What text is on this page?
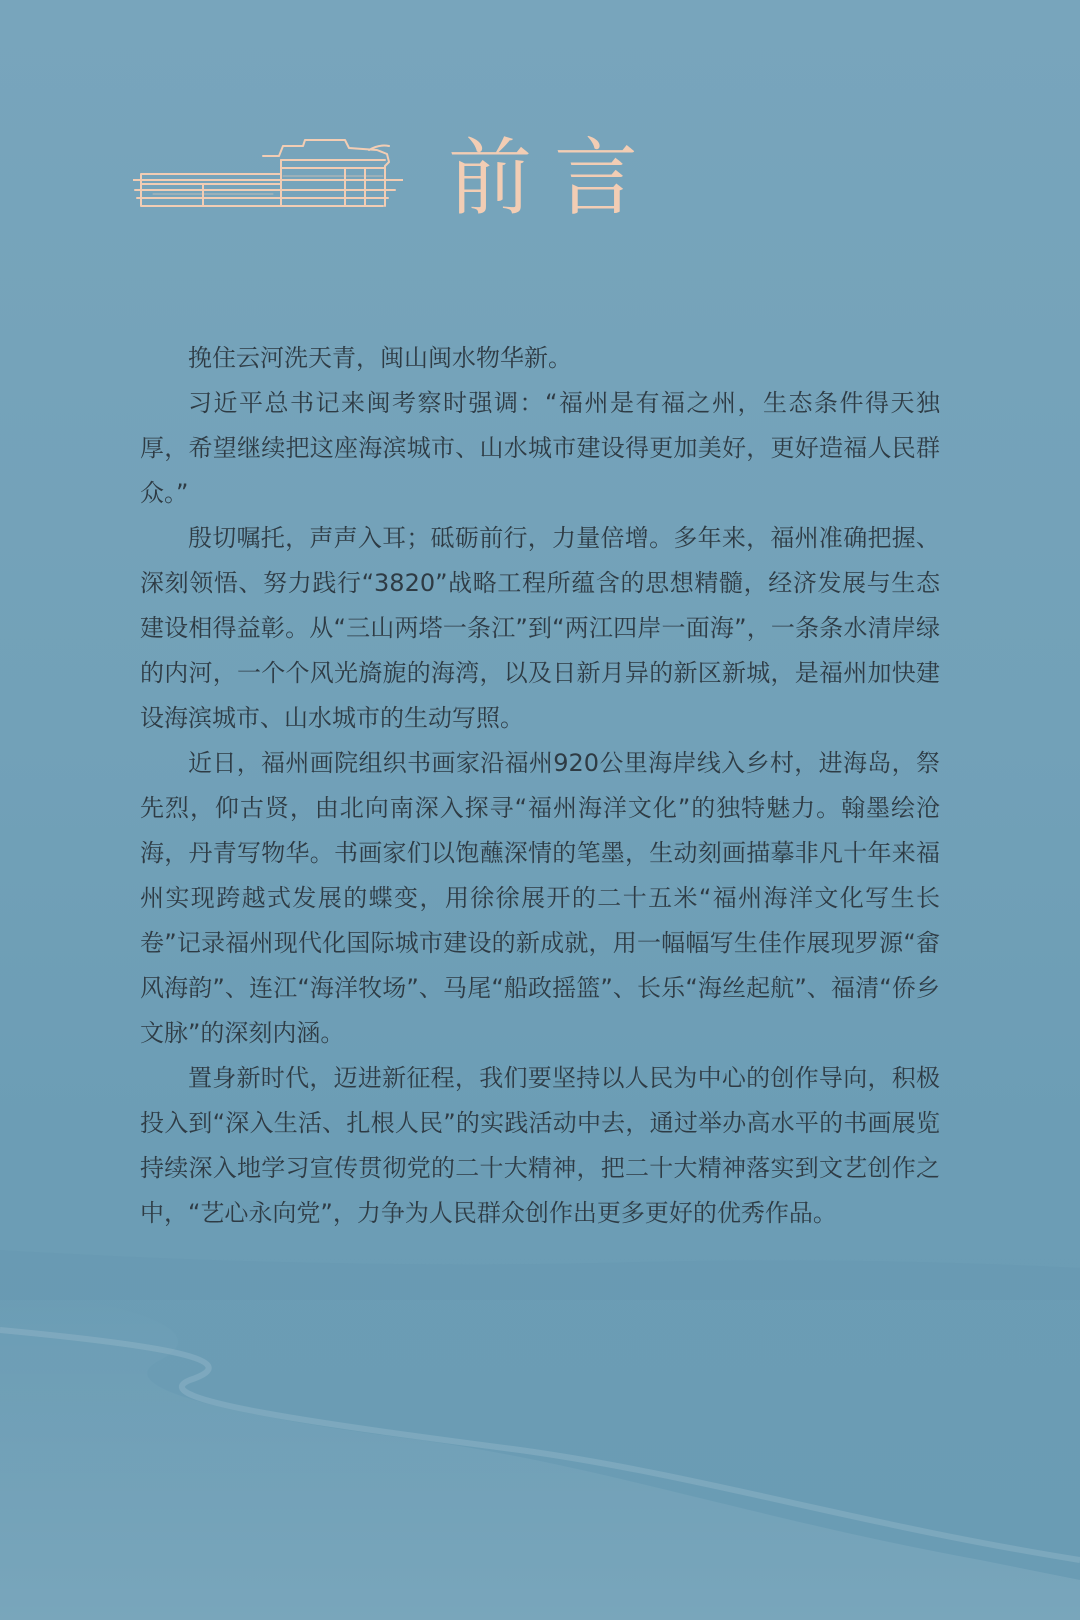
前言

挽住云河洗天青，闽山闽水物华新。

习近平总书记来闽考察时强调：“福州是有福之州，生态条件得天独厚，希望继续把这座海滨城市、山水城市建设得更加美好，更好造福人民群众。”

殷切嘱托，声声入耳；砥砺前行，力量倍增。多年来，福州准确把握、深刻领悟、努力践行“3820”战略工程所蕴含的思想精髓，经济发展与生态建设相得益彰。从“三山两塔一条江”到“两江四岸一面海”，一条条水清岸绿的内河，一个个风光旖旎的海湾，以及日新月异的新区新城，是福州加快建设海滨城市、山水城市的生动写照。

近日，福州画院组织书画家沿福州920公里海岸线入乡村，进海岛，祭先烈，仰古贤，由北向南深入探寻“福州海洋文化”的独特魅力。翰墨绘沧海，丹青写物华。书画家们以饱蘸深情的笔墨，生动刻画描摹非凡十年来福州实现跨越式发展的蝶变，用徐徐展开的二十五米“福州海洋文化写生长卷”记录福州现代化国际城市建设的新成就，用一幅幅写生佳作展现罗源“畲风海韵”、连江“海洋牧场”、马尾“船政摇篮”、长乐“海丝起航”、福清“侨乡文脉”的深刻内涵。

置身新时代，迈进新征程，我们要坚持以人民为中心的创作导向，积极投入到“深入生活、扎根人民”的实践活动中去，通过举办高水平的书画展览持续深入地学习宣传贯彻党的二十大精神，把二十大精神落实到文艺创作之中，“艺心永向党”，力争为人民群众创作出更多更好的优秀作品。
